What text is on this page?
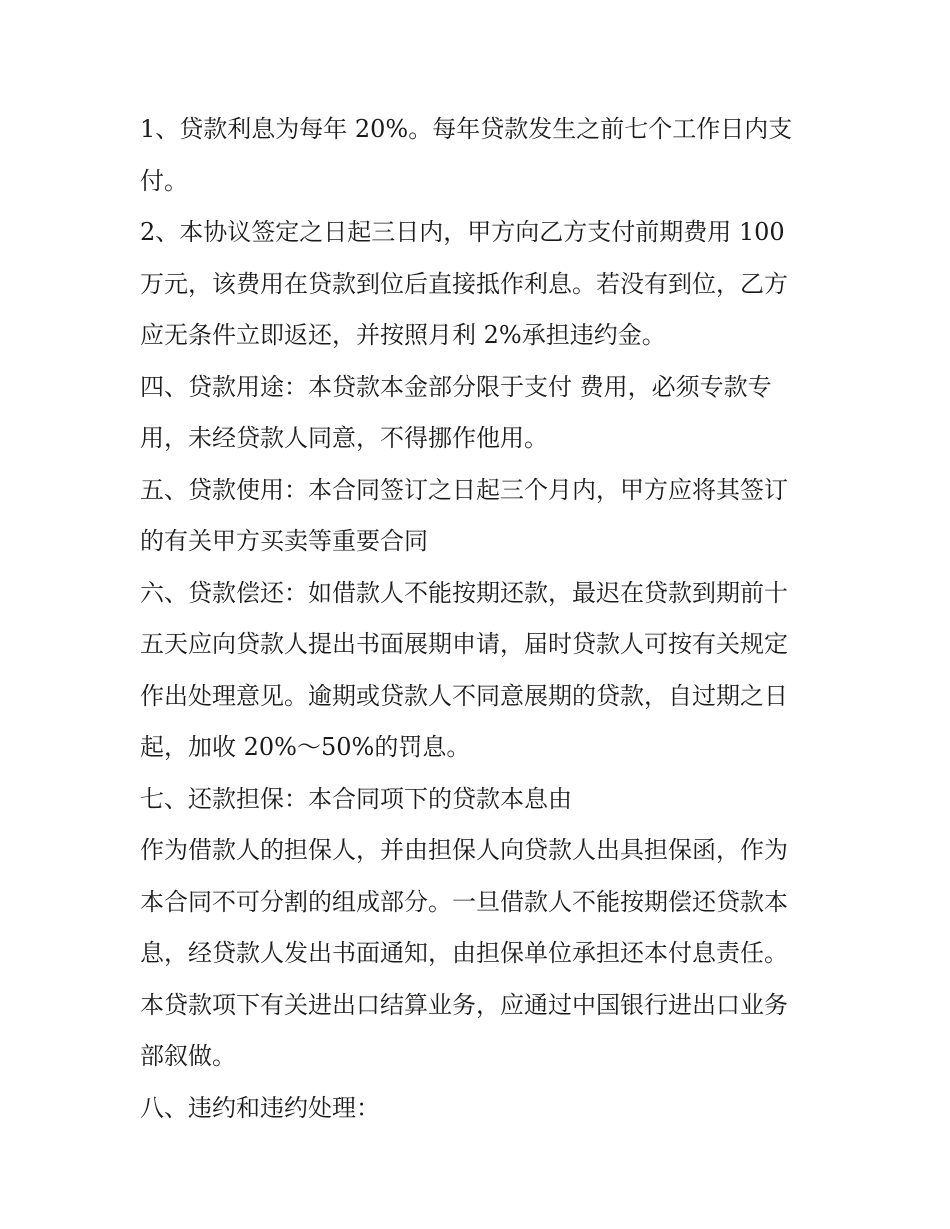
1、贷款利息为每年 20%。每年贷款发生之前七个工作日内支
付。

2、本协议签定之日起三日内，甲方向乙方支付前期费用 100
万元，该费用在贷款到位后直接抵作利息。若没有到位，乙方
应无条件立即返还，并按照月利 2%承担违约金。

四、贷款用途：本贷款本金部分限于支付 费用，必须专款专
用，未经贷款人同意，不得挪作他用。

五、贷款使用：本合同签订之日起三个月内，甲方应将其签订
的有关甲方买卖等重要合同

六、贷款偿还：如借款人不能按期还款，最迟在贷款到期前十
五天应向贷款人提出书面展期申请，届时贷款人可按有关规定
作出处理意见。逾期或贷款人不同意展期的贷款，自过期之日
起，加收 20%～50%的罚息。

七、还款担保：本合同项下的贷款本息由

作为借款人的担保人，并由担保人向贷款人出具担保函，作为
本合同不可分割的组成部分。一旦借款人不能按期偿还贷款本
息，经贷款人发出书面通知，由担保单位承担还本付息责任。

本贷款项下有关进出口结算业务，应通过中国银行进出口业务
部叙做。

八、违约和违约处理：
